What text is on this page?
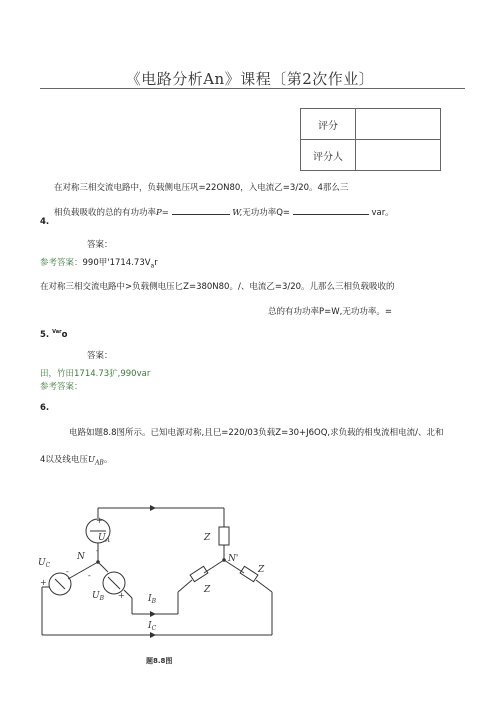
《电路分析An》课程〔第2次作业〕
评分	
评分人	
在对称三相交流电路中，负载侧电压巩=22ON80，入电流乙=3/20。4那么三
相负载吸收的总的有功功率P=	W,无功功率Q=	var。
4.
答案：
参考答案：990甲'$1714.73V_ar$
在对称三相交流电路中>负载侧电压匕Z=380N80。/、电流乙=3/20。儿那么三相负载吸收的
总的有功功率P=W,无功功率。=
5. $^{Var}$o
答案：
田，竹田1714.73犷,990var
参考答案：
6.
电路如题8.8图所示。已知电源对称,且巳=220/03负载Z=30+J6OQ,求负载的相曳流相电流/、北和
4以及线电压$U_{AB}$。
+
$U_A$
-
$U_C$
N
- -
+
$U_B$ +	$I_B$
$I_C$
Z
N'
Z
Z
题8.8图
